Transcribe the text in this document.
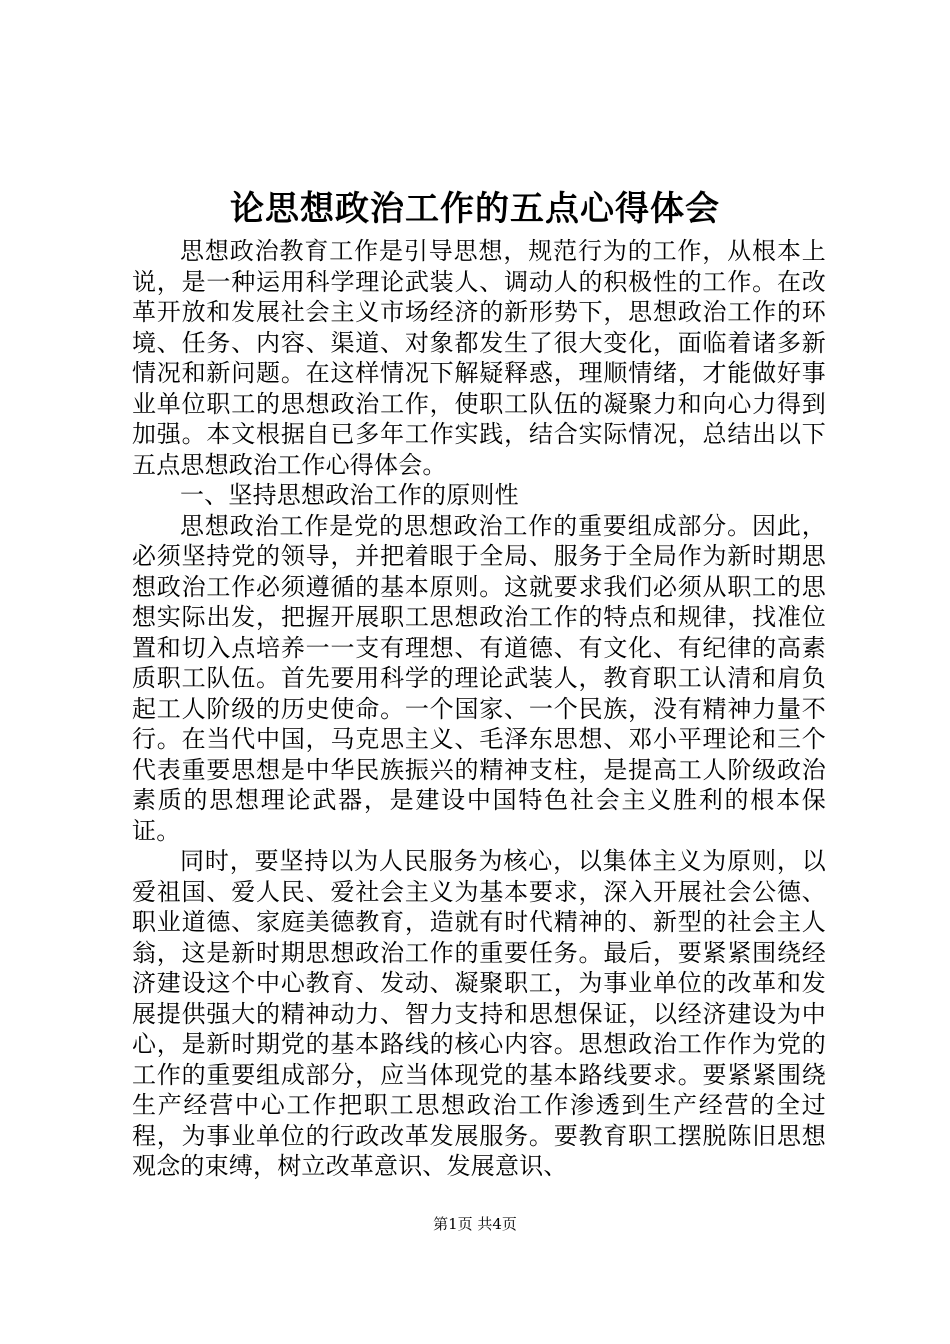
论思想政治工作的五点心得体会

思想政治教育工作是引导思想，规范行为的工作，从根本上说，是一种运用科学理论武装人、调动人的积极性的工作。在改革开放和发展社会主义市场经济的新形势下，思想政治工作的环境、任务、内容、渠道、对象都发生了很大变化，面临着诸多新情况和新问题。在这样情况下解疑释惑，理顺情绪，才能做好事业单位职工的思想政治工作，使职工队伍的凝聚力和向心力得到加强。本文根据自已多年工作实践，结合实际情况，总结出以下五点思想政治工作心得体会。

一、坚持思想政治工作的原则性

思想政治工作是党的思想政治工作的重要组成部分。因此，必须坚持党的领导，并把着眼于全局、服务于全局作为新时期思想政治工作必须遵循的基本原则。这就要求我们必须从职工的思想实际出发，把握开展职工思想政治工作的特点和规律，找准位置和切入点培养一一支有理想、有道德、有文化、有纪律的高素质职工队伍。首先要用科学的理论武装人，教育职工认清和肩负起工人阶级的历史使命。一个国家、一个民族，没有精神力量不行。在当代中国，马克思主义、毛泽东思想、邓小平理论和三个代表重要思想是中华民族振兴的精神支柱，是提高工人阶级政治素质的思想理论武器，是建设中国特色社会主义胜利的根本保证。

同时，要坚持以为人民服务为核心，以集体主义为原则，以爱祖国、爱人民、爱社会主义为基本要求，深入开展社会公德、职业道德、家庭美德教育，造就有时代精神的、新型的社会主人翁，这是新时期思想政治工作的重要任务。最后，要紧紧围绕经济建设这个中心教育、发动、凝聚职工，为事业单位的改革和发展提供强大的精神动力、智力支持和思想保证，以经济建设为中心，是新时期党的基本路线的核心内容。思想政治工作作为党的工作的重要组成部分，应当体现党的基本路线要求。要紧紧围绕生产经营中心工作把职工思想政治工作渗透到生产经营的全过程，为事业单位的行政改革发展服务。要教育职工摆脱陈旧思想观念的束缚，树立改革意识、发展意识、

第1页 共4页
